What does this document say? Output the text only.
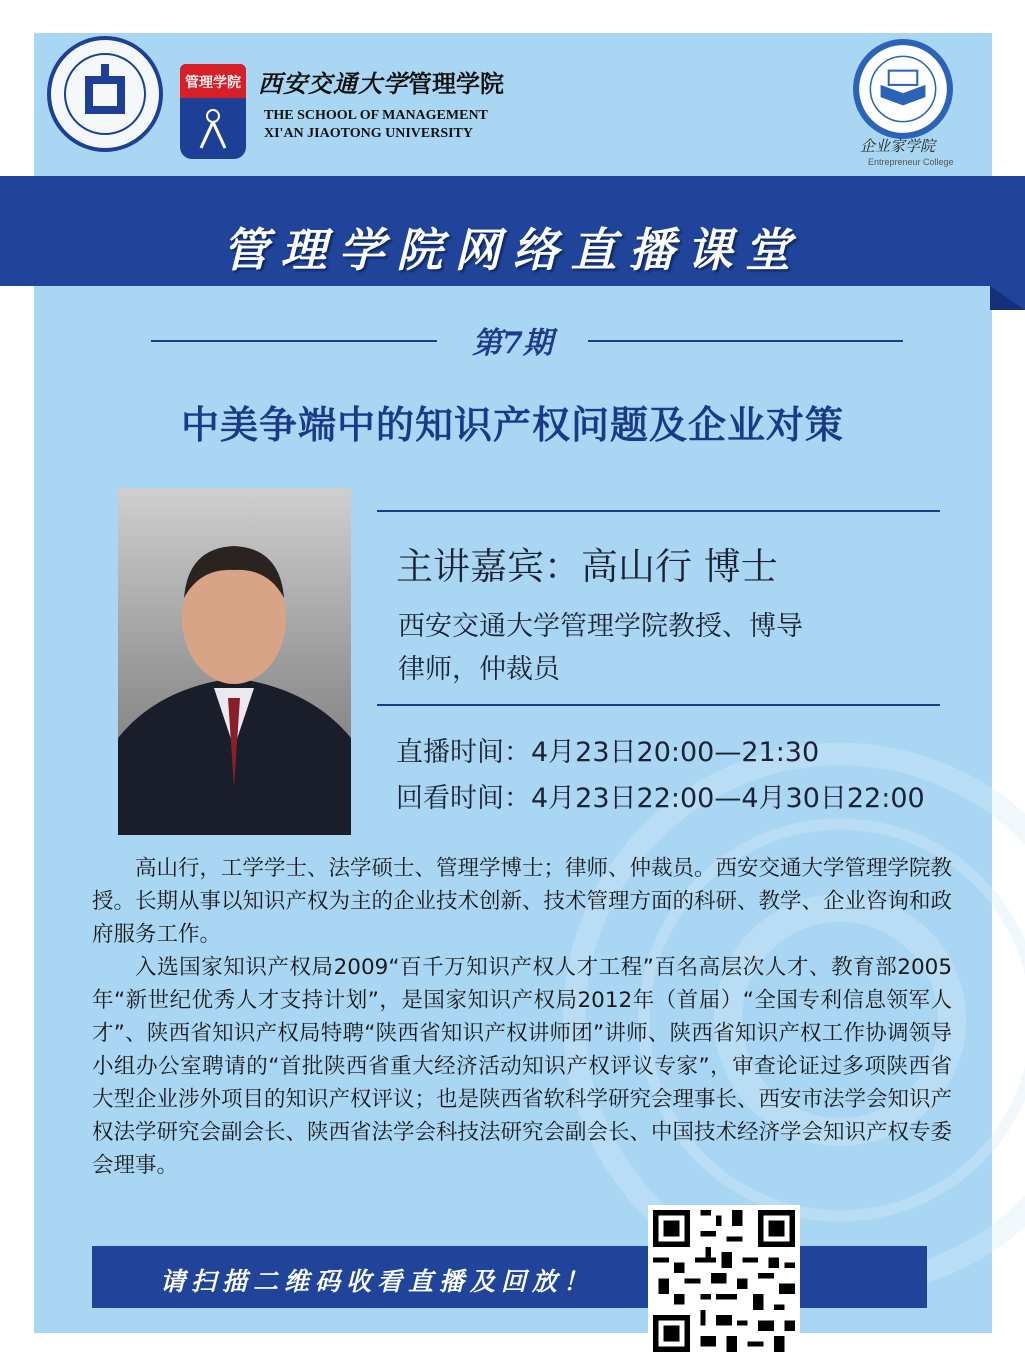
管理学院 西安交通大学管理学院
THE SCHOOL OF MANAGEMENT
XI'AN JIAOTONG UNIVERSITY
企业家学院
Entrepreneur College
管理学院网络直播课堂
第7期
中美争端中的知识产权问题及企业对策
主讲嘉宾：高山行 博士
西安交通大学管理学院教授、博导
律师，仲裁员
直播时间：4月23日20:00—21:30
回看时间：4月23日22:00—4月30日22:00

高山行，工学学士、法学硕士、管理学博士；律师、仲裁员。西安交通大学管理学院教授。长期从事以知识产权为主的企业技术创新、技术管理方面的科研、教学、企业咨询和政府服务工作。

入选国家知识产权局2009“百千万知识产权人才工程”百名高层次人才、教育部2005年“新世纪优秀人才支持计划”，是国家知识产权局2012年（首届）“全国专利信息领军人才”、陕西省知识产权局特聘“陕西省知识产权讲师团”讲师、陕西省知识产权工作协调领导小组办公室聘请的“首批陕西省重大经济活动知识产权评议专家”，审查论证过多项陕西省大型企业涉外项目的知识产权评议；也是陕西省软科学研究会理事长、西安市法学会知识产权法学研究会副会长、陕西省法学会科技法研究会副会长、中国技术经济学会知识产权专委会理事。

请扫描二维码收看直播及回放！
